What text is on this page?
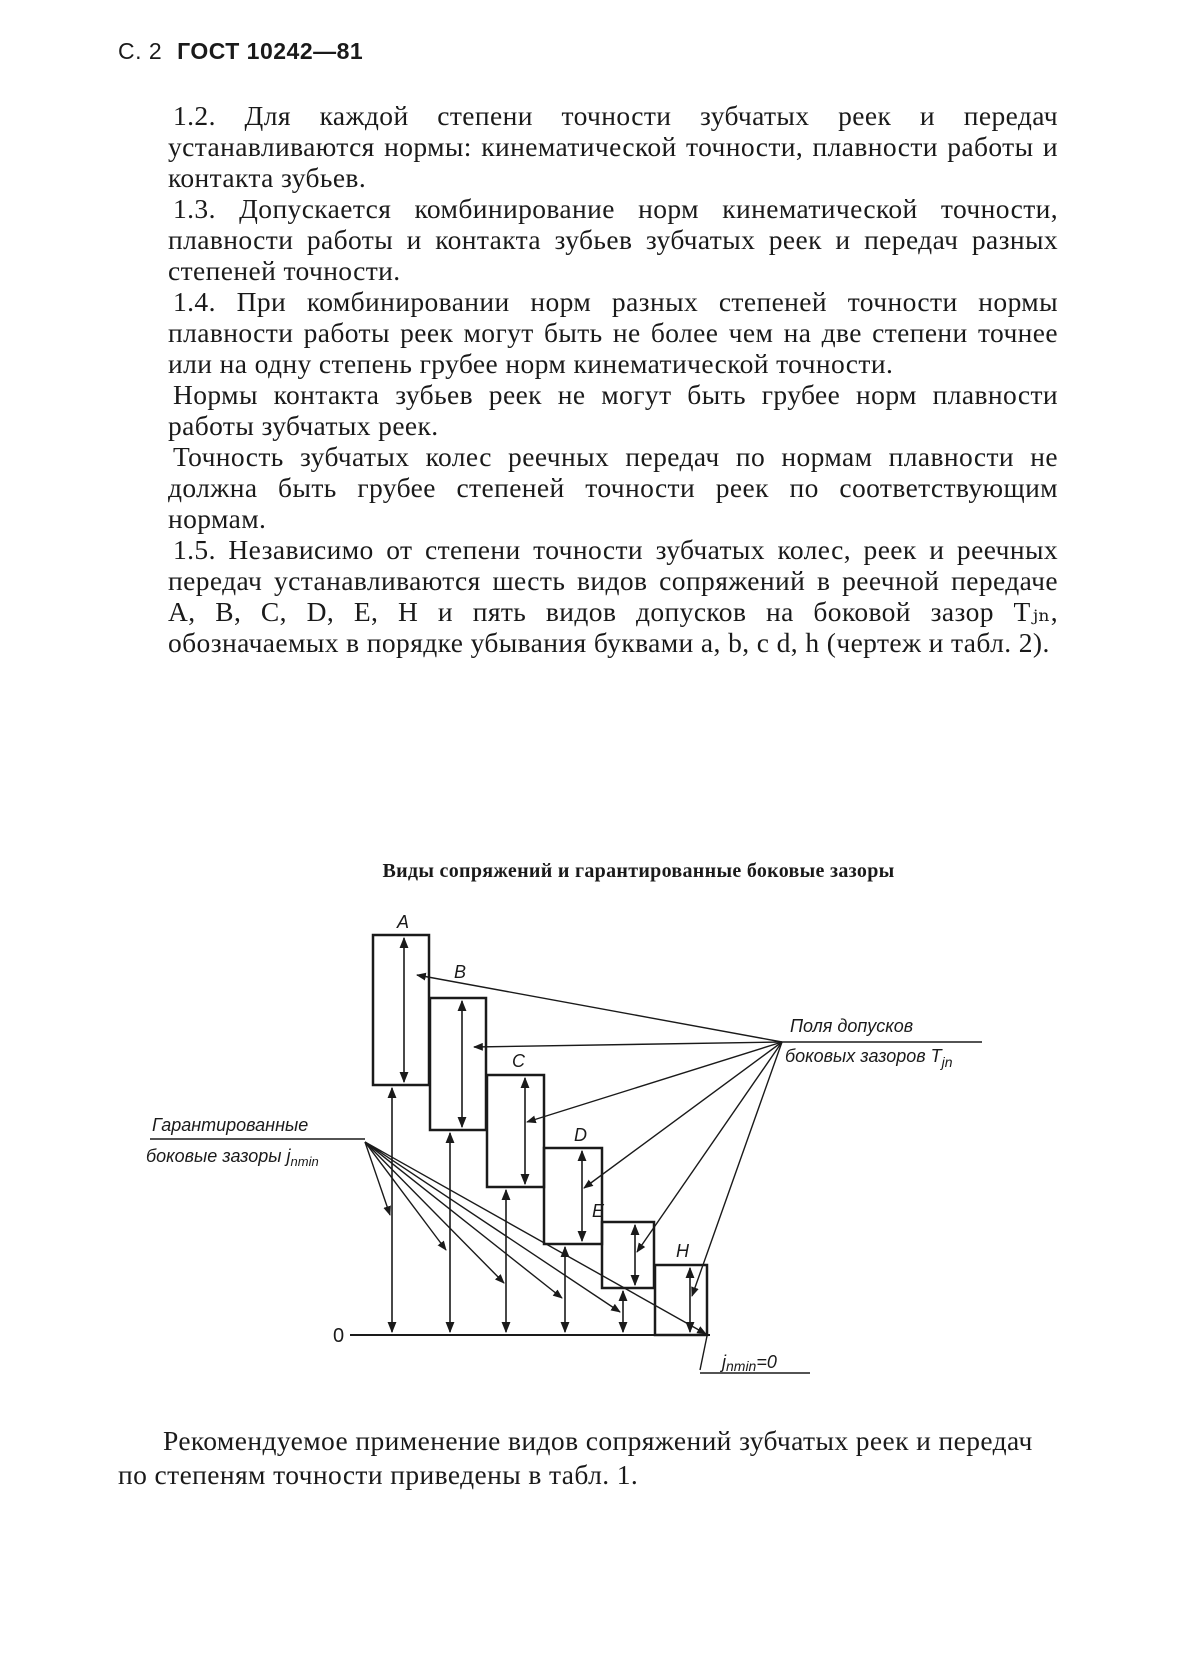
С. 2 ГОСТ 10242—81

1.2. Для каждой степени точности зубчатых реек и передач устанавливаются нормы: кинематической точности, плавности работы и контакта зубьев.

1.3. Допускается комбинирование норм кинематической точности, плавности работы и контакта зубьев зубчатых реек и передач разных степеней точности.

1.4. При комбинировании норм разных степеней точности нормы плавности работы реек могут быть не более чем на две степени точнее или на одну степень грубее норм кинематической точности.

Нормы контакта зубьев реек не могут быть грубее норм плавности работы зубчатых реек.

Точность зубчатых колес реечных передач по нормам плавности не должна быть грубее степеней точности реек по соответствующим нормам.

1.5. Независимо от степени точности зубчатых колес, реек и реечных передач устанавливаются шесть видов сопряжений в реечной передаче А, В, С, D, Е, Н и пять видов допусков на боковой зазор Tⱼₙ, обозначаемых в порядке убывания буквами a, b, c d, h (чертеж и табл. 2).

Виды сопряжений и гарантированные боковые зазоры
0
A
B
C
D
E
H
Поля допусков
боковых зазоров $T_{jn}$
Гарантированные
боковые зазоры $j_{nmin}$
jnmin=0

Рекомендуемое применение видов сопряжений зубчатых реек и передач по степеням точности приведены в табл. 1.
